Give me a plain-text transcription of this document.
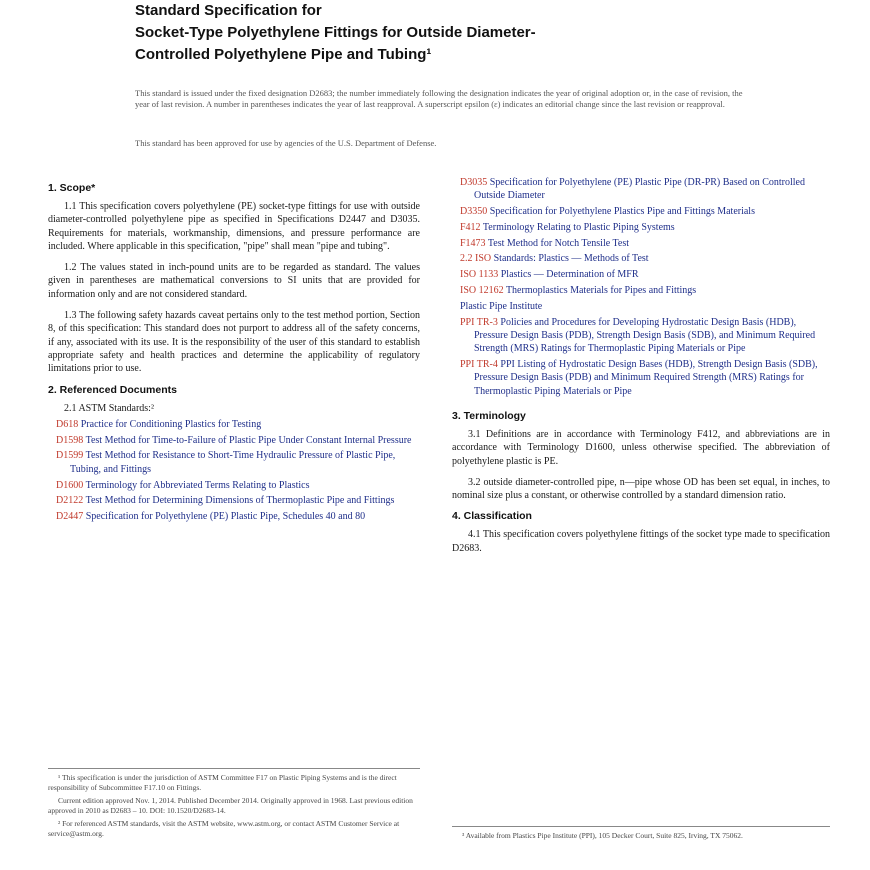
Standard Specification for
Socket-Type Polyethylene Fittings for Outside Diameter-
Controlled Polyethylene Pipe and Tubing¹
This standard is issued under the fixed designation D2683; the number immediately following the designation indicates the year of original adoption or, in the case of revision, the year of last revision. A number in parentheses indicates the year of last reapproval. A superscript epsilon (ε) indicates an editorial change since the last revision or reapproval.
This standard has been approved for use by agencies of the U.S. Department of Defense.
1. Scope*

1.1 This specification covers polyethylene (PE) socket-type fittings for use with outside diameter-controlled polyethylene pipe as specified in Specifications D2447 and D3035. Requirements for materials, workmanship, dimensions, and pressure performance are included. Where applicable in this specification, "pipe" shall mean "pipe and tubing".

1.2 The values stated in inch-pound units are to be regarded as standard. The values given in parentheses are mathematical conversions to SI units that are provided for information only and are not considered standard.

1.3 The following safety hazards caveat pertains only to the test method portion, Section 8, of this specification: This standard does not purport to address all of the safety concerns, if any, associated with its use. It is the responsibility of the user of this standard to establish appropriate safety and health practices and determine the applicability of regulatory limitations prior to use.

2. Referenced Documents

2.1 ASTM Standards:²

D618 Practice for Conditioning Plastics for Testing
D1598 Test Method for Time-to-Failure of Plastic Pipe Under Constant Internal Pressure
D1599 Test Method for Resistance to Short-Time Hydraulic Pressure of Plastic Pipe, Tubing, and Fittings
D1600 Terminology for Abbreviated Terms Relating to Plastics
D2122 Test Method for Determining Dimensions of Thermoplastic Pipe and Fittings
D2447 Specification for Polyethylene (PE) Plastic Pipe, Schedules 40 and 80

¹ This specification is under the jurisdiction of ASTM Committee F17 on Plastic Piping Systems and is the direct responsibility of Subcommittee F17.10 on Fittings.

Current edition approved Nov. 1, 2014. Published December 2014. Originally approved in 1968. Last previous edition approved in 2010 as D2683 – 10. DOI: 10.1520/D2683-14.

² For referenced ASTM standards, visit the ASTM website, www.astm.org, or contact ASTM Customer Service at service@astm.org.

D3035 Specification for Polyethylene (PE) Plastic Pipe (DR-PR) Based on Controlled Outside Diameter
D3350 Specification for Polyethylene Plastics Pipe and Fittings Materials
F412 Terminology Relating to Plastic Piping Systems
F1473 Test Method for Notch Tensile Test
2.2 ISO Standards: Plastics — Methods of Test
ISO 1133 Plastics — Determination of MFR
ISO 12162 Thermoplastics Materials for Pipes and Fittings
Plastic Pipe Institute
PPI TR-3 Policies and Procedures for Developing Hydrostatic Design Basis (HDB), Pressure Design Basis (PDB), Strength Design Basis (SDB), and Minimum Required Strength (MRS) Ratings for Thermoplastic Piping Materials or Pipe
PPI TR-4 PPI Listing of Hydrostatic Design Bases (HDB), Strength Design Basis (SDB), Pressure Design Basis (PDB) and Minimum Required Strength (MRS) Ratings for Thermoplastic Piping Materials or Pipe
3. Terminology

3.1 Definitions are in accordance with Terminology F412, and abbreviations are in accordance with Terminology D1600, unless otherwise specified. The abbreviation of polyethylene plastic is PE.

3.2 outside diameter-controlled pipe, n—pipe whose OD has been set equal, in inches, to nominal size plus a constant, or otherwise controlled by a standard dimension ratio.

4. Classification

4.1 This specification covers polyethylene fittings of the socket type made to specification D2683.

³ Available from Plastics Pipe Institute (PPI), 105 Decker Court, Suite 825, Irving, TX 75062.
